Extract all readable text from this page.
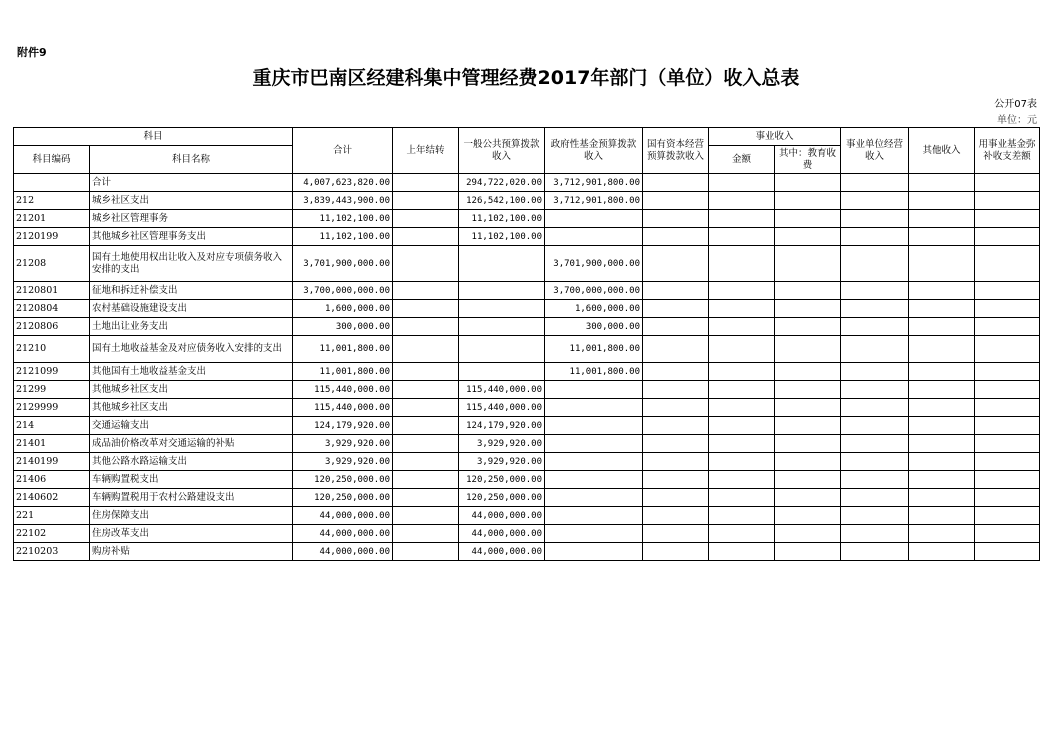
附件9
重庆市巴南区经建科集中管理经费2017年部门（单位）收入总表
公开07表
单位：元
科目		合计	上年结转	一般公共预算拨款收入	政府性基金预算拨款收入	国有资本经营预算拨款收入	事业收入		事业单位经营收入	其他收入	用事业基金弥补收支差额
科目编码	科目名称						金额	其中：教育收费			
	合计	4,007,623,820.00		294,722,020.00	3,712,901,800.00						
212	城乡社区支出	3,839,443,900.00		126,542,100.00	3,712,901,800.00						
21201	城乡社区管理事务	11,102,100.00		11,102,100.00							
2120199	其他城乡社区管理事务支出	11,102,100.00		11,102,100.00							
21208	国有土地使用权出让收入及对应专项债务收入安排的支出	3,701,900,000.00			3,701,900,000.00						
2120801	征地和拆迁补偿支出	3,700,000,000.00			3,700,000,000.00						
2120804	农村基础设施建设支出	1,600,000.00			1,600,000.00						
2120806	土地出让业务支出	300,000.00			300,000.00						
21210	国有土地收益基金及对应债务收入安排的支出	11,001,800.00			11,001,800.00						
2121099	其他国有土地收益基金支出	11,001,800.00			11,001,800.00						
21299	其他城乡社区支出	115,440,000.00		115,440,000.00							
2129999	其他城乡社区支出	115,440,000.00		115,440,000.00							
214	交通运输支出	124,179,920.00		124,179,920.00							
21401	成品油价格改革对交通运输的补贴	3,929,920.00		3,929,920.00							
2140199	其他公路水路运输支出	3,929,920.00		3,929,920.00							
21406	车辆购置税支出	120,250,000.00		120,250,000.00							
2140602	车辆购置税用于农村公路建设支出	120,250,000.00		120,250,000.00							
221	住房保障支出	44,000,000.00		44,000,000.00							
22102	住房改革支出	44,000,000.00		44,000,000.00							
2210203	购房补贴	44,000,000.00		44,000,000.00							
